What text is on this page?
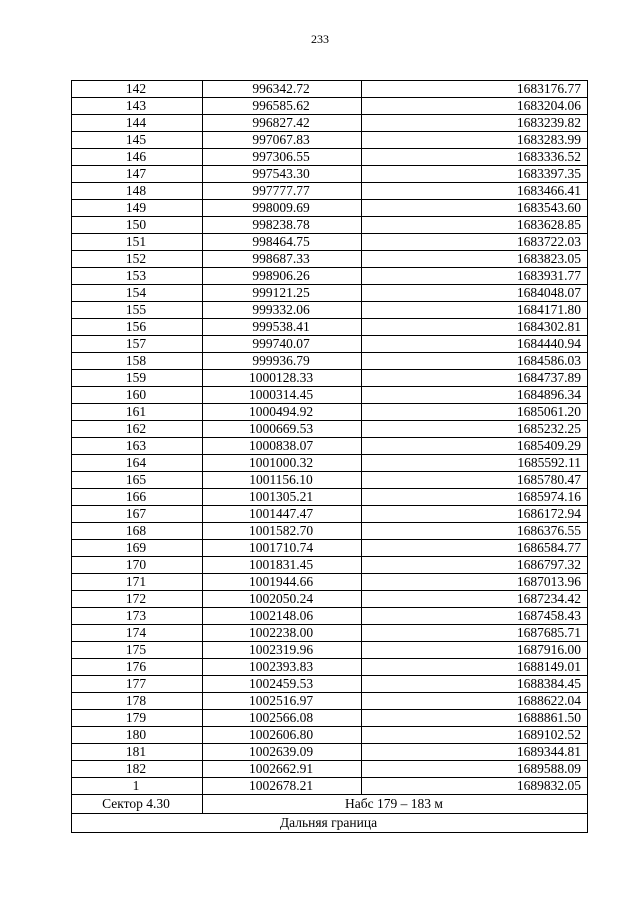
233
142	996342.72	1683176.77
143	996585.62	1683204.06
144	996827.42	1683239.82
145	997067.83	1683283.99
146	997306.55	1683336.52
147	997543.30	1683397.35
148	997777.77	1683466.41
149	998009.69	1683543.60
150	998238.78	1683628.85
151	998464.75	1683722.03
152	998687.33	1683823.05
153	998906.26	1683931.77
154	999121.25	1684048.07
155	999332.06	1684171.80
156	999538.41	1684302.81
157	999740.07	1684440.94
158	999936.79	1684586.03
159	1000128.33	1684737.89
160	1000314.45	1684896.34
161	1000494.92	1685061.20
162	1000669.53	1685232.25
163	1000838.07	1685409.29
164	1001000.32	1685592.11
165	1001156.10	1685780.47
166	1001305.21	1685974.16
167	1001447.47	1686172.94
168	1001582.70	1686376.55
169	1001710.74	1686584.77
170	1001831.45	1686797.32
171	1001944.66	1687013.96
172	1002050.24	1687234.42
173	1002148.06	1687458.43
174	1002238.00	1687685.71
175	1002319.96	1687916.00
176	1002393.83	1688149.01
177	1002459.53	1688384.45
178	1002516.97	1688622.04
179	1002566.08	1688861.50
180	1002606.80	1689102.52
181	1002639.09	1689344.81
182	1002662.91	1689588.09
1	1002678.21	1689832.05
Сектор 4.30	Набс 179 – 183 м	
Дальняя граница		
